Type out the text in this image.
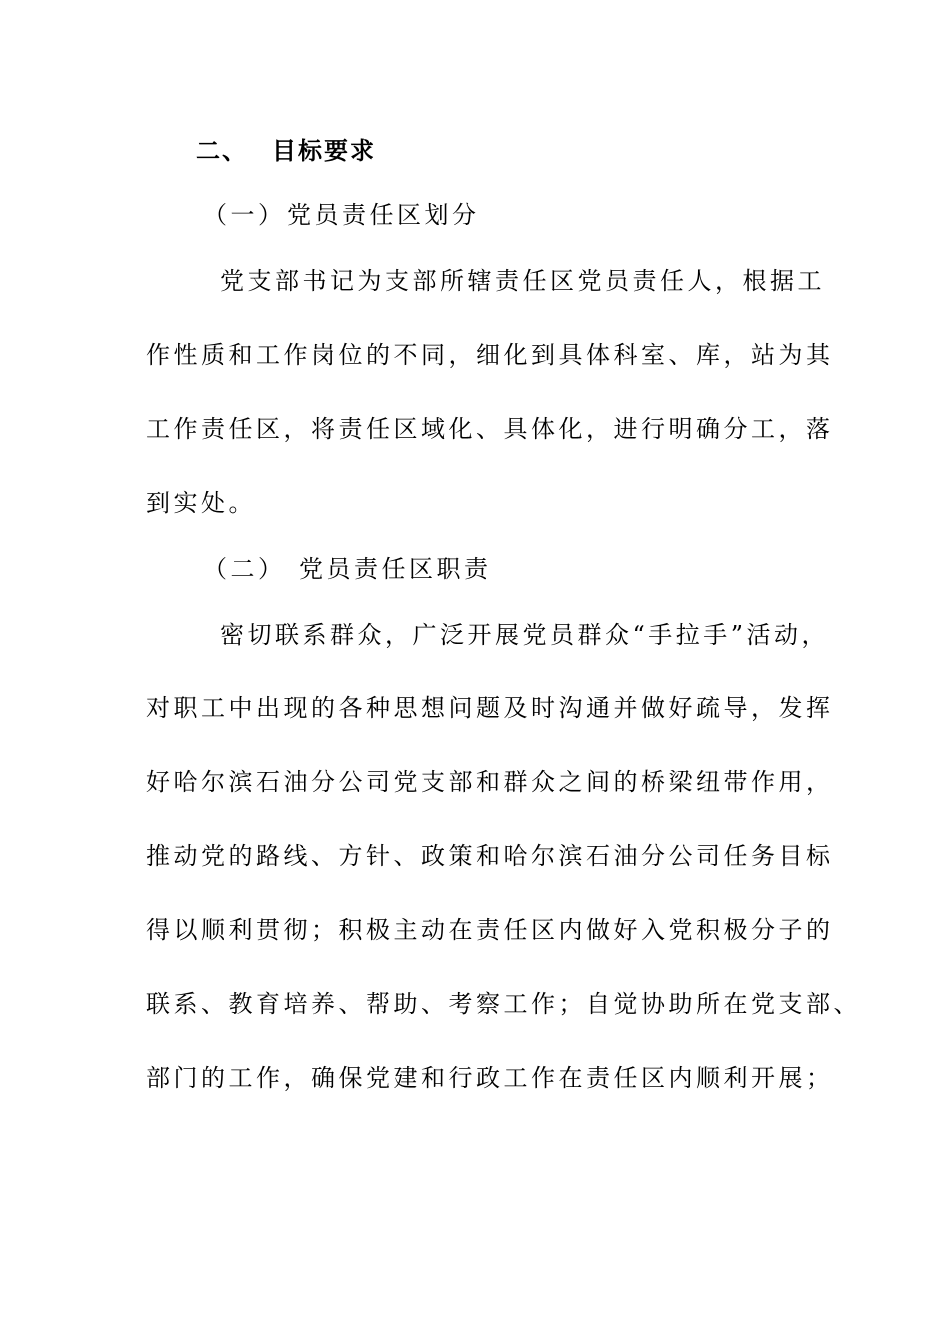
二、 目标要求
（一）党员责任区划分
党支部书记为支部所辖责任区党员责任人，根据工
作性质和工作岗位的不同，细化到具体科室、库，站为其
工作责任区，将责任区域化、具体化，进行明确分工，落
到实处。
（二） 党员责任区职责
密切联系群众，广泛开展党员群众“手拉手”活动，
对职工中出现的各种思想问题及时沟通并做好疏导，发挥
好哈尔滨石油分公司党支部和群众之间的桥梁纽带作用，
推动党的路线、方针、政策和哈尔滨石油分公司任务目标
得以顺利贯彻；积极主动在责任区内做好入党积极分子的
联系、教育培养、帮助、考察工作；自觉协助所在党支部、
部门的工作，确保党建和行政工作在责任区内顺利开展；
